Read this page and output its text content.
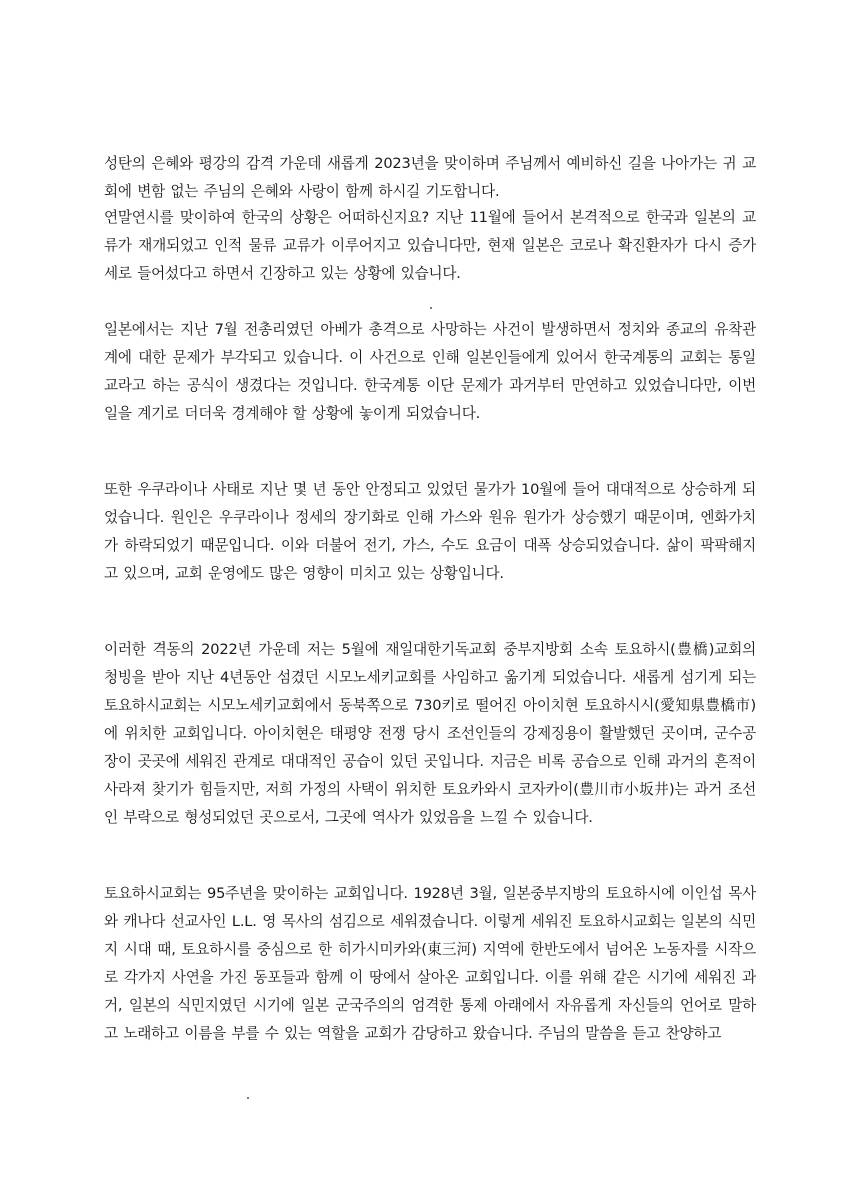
성탄의 은혜와 평강의 감격 가운데 새롭게 2023년을 맞이하며 주님께서 예비하신 길을 나아가는 귀 교회에 변함 없는 주님의 은혜와 사랑이 함께 하시길 기도합니다.

연말연시를 맞이하여 한국의 상황은 어떠하신지요? 지난 11월에 들어서 본격적으로 한국과 일본의 교류가 재개되었고 인적 물류 교류가 이루어지고 있습니다만, 현재 일본은 코로나 확진환자가 다시 증가세로 들어섰다고 하면서 긴장하고 있는 상황에 있습니다.

일본에서는 지난 7월 전총리였던 아베가 총격으로 사망하는 사건이 발생하면서 정치와 종교의 유착관계에 대한 문제가 부각되고 있습니다. 이 사건으로 인해 일본인들에게 있어서 한국계통의 교회는 통일교라고 하는 공식이 생겼다는 것입니다. 한국계통 이단 문제가 과거부터 만연하고 있었습니다만, 이번 일을 계기로 더더욱 경계해야 할 상황에 놓이게 되었습니다.

또한 우쿠라이나 사태로 지난 몇 년 동안 안정되고 있었던 물가가 10월에 들어 대대적으로 상승하게 되었습니다. 원인은 우쿠라이나 정세의 장기화로 인해 가스와 원유 원가가 상승했기 때문이며, 엔화가치가 하락되었기 때문입니다. 이와 더불어 전기, 가스, 수도 요금이 대폭 상승되었습니다. 삶이 팍팍해지고 있으며, 교회 운영에도 많은 영향이 미치고 있는 상황입니다.

이러한 격동의 2022년 가운데 저는 5월에 재일대한기독교회 중부지방회 소속 토요하시(豊橋)교회의 청빙을 받아 지난 4년동안 섬겼던 시모노세키교회를 사임하고 옮기게 되었습니다. 새롭게 섬기게 되는 토요하시교회는 시모노세키교회에서 동북쪽으로 730키로 떨어진 아이치현 토요하시시(愛知県豊橋市)에 위치한 교회입니다. 아이치현은 태평양 전쟁 당시 조선인들의 강제징용이 활발했던 곳이며, 군수공장이 곳곳에 세워진 관계로 대대적인 공습이 있던 곳입니다. 지금은 비록 공습으로 인해 과거의 흔적이 사라져 찾기가 힘들지만, 저희 가정의 사택이 위치한 토요카와시 코자카이(豊川市小坂井)는 과거 조선인 부락으로 형성되었던 곳으로서, 그곳에 역사가 있었음을 느낄 수 있습니다.

토요하시교회는 95주년을 맞이하는 교회입니다. 1928년 3월, 일본중부지방의 토요하시에 이인섭 목사와 캐나다 선교사인 L.L. 영 목사의 섬김으로 세워졌습니다. 이렇게 세워진 토요하시교회는 일본의 식민지 시대 때, 토요하시를 중심으로 한 히가시미카와(東三河) 지역에 한반도에서 넘어온 노동자를 시작으로 각가지 사연을 가진 동포들과 함께 이 땅에서 살아온 교회입니다. 이를 위해 같은 시기에 세워진 과거, 일본의 식민지였던 시기에 일본 군국주의의 엄격한 통제 아래에서 자유롭게 자신들의 언어로 말하고 노래하고 이름을 부를 수 있는 역할을 교회가 감당하고 왔습니다. 주님의 말씀을 듣고 찬양하고
